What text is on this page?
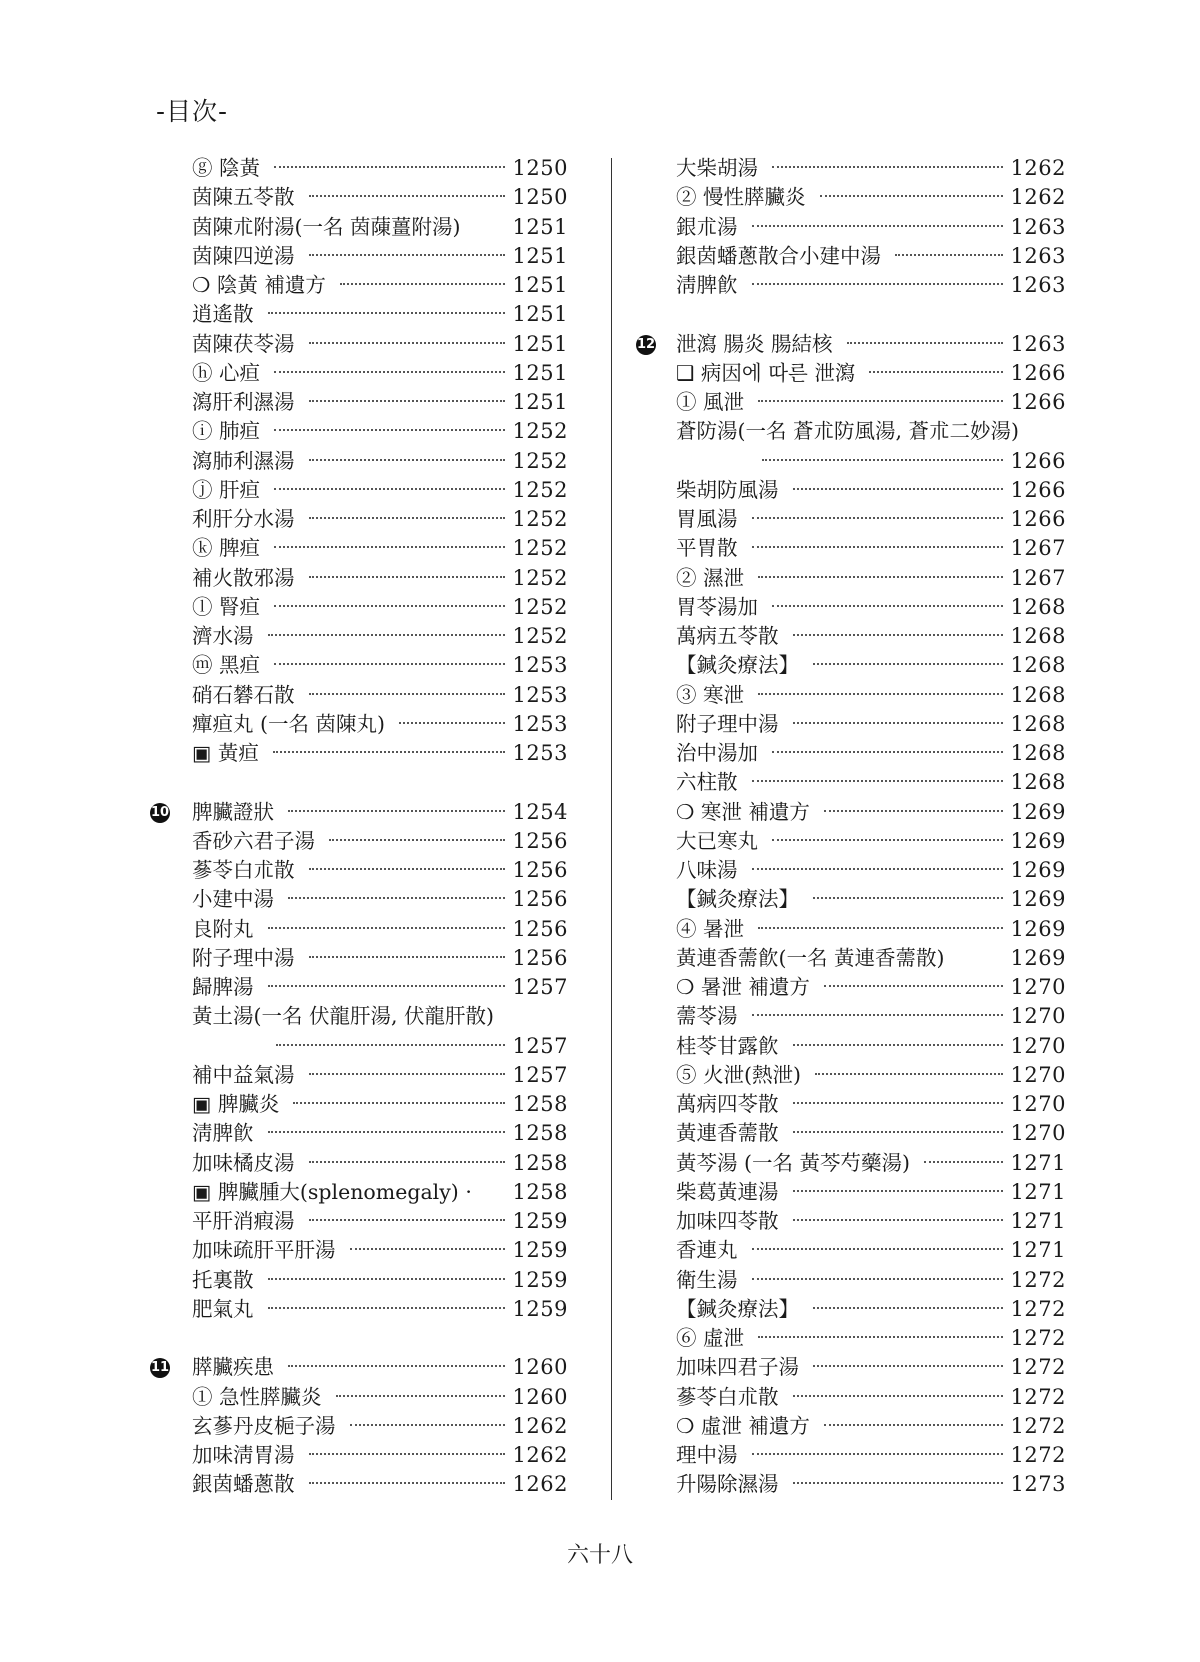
-目次-
ⓖ 陰黃	1250
茵陳五苓散	1250
茵陳朮附湯(一名 茵蔯薑附湯) 1251
茵陳四逆湯	1251
❍ 陰黃 補遺方	1251
逍遙散	1251
茵陳茯苓湯	1251
ⓗ 心疸	1251
瀉肝利濕湯	1251
ⓘ 肺疸	1252
瀉肺利濕湯	1252
ⓙ 肝疸	1252
利肝分水湯	1252
ⓚ 脾疸	1252
補火散邪湯	1252
ⓛ 腎疸	1252
濟水湯	1252
ⓜ 黑疸	1253
硝石礬石散	1253
癉疸丸 (一名 茵陳丸)	1253
▣ 黃疸	1253
10 脾臟證狀	1254
香砂六君子湯	1256
蔘苓白朮散	1256
小建中湯	1256
良附丸	1256
附子理中湯	1256
歸脾湯	1257
黃土湯(一名 伏龍肝湯, 伏龍肝散)
1257
補中益氣湯	1257
▣ 脾臟炎	1258
淸脾飮	1258
加味橘皮湯	1258
▣ 脾臟腫大(splenomegaly) · 1258
平肝消瘕湯	1259
加味疏肝平肝湯	1259
托裏散	1259
肥氣丸	1259
11 膵臟疾患	1260
① 急性膵臟炎	1260
玄蔘丹皮梔子湯	1262
加味淸胃湯	1262
銀茵蟠蔥散	1262
大柴胡湯	1262
② 慢性膵臟炎	1262
銀朮湯	1263
銀茵蟠蔥散合小建中湯	1263
淸脾飮	1263
12 泄瀉 腸炎 腸結核	1263
❑ 病因에 따른 泄瀉	1266
① 風泄	1266
蒼防湯(一名 蒼朮防風湯, 蒼朮二妙湯)
1266
柴胡防風湯	1266
胃風湯	1266
平胃散	1267
② 濕泄	1267
胃苓湯加	1268
萬病五苓散	1268
【鍼灸療法】	1268
③ 寒泄	1268
附子理中湯	1268
治中湯加	1268
六柱散	1268
❍ 寒泄 補遺方	1269
大已寒丸	1269
八味湯	1269
【鍼灸療法】	1269
④ 暑泄	1269
黃連香薷飮(一名 黃連香薷散)	1269
❍ 暑泄 補遺方	1270
薷苓湯	1270
桂苓甘露飮	1270
⑤ 火泄(熱泄)	1270
萬病四苓散	1270
黃連香薷散	1270
黃芩湯 (一名 黃芩芍藥湯)	1271
柴葛黃連湯	1271
加味四苓散	1271
香連丸	1271
衛生湯	1272
【鍼灸療法】	1272
⑥ 虛泄	1272
加味四君子湯	1272
蔘苓白朮散	1272
❍ 虛泄 補遺方	1272
理中湯	1272
升陽除濕湯	1273
六十八
